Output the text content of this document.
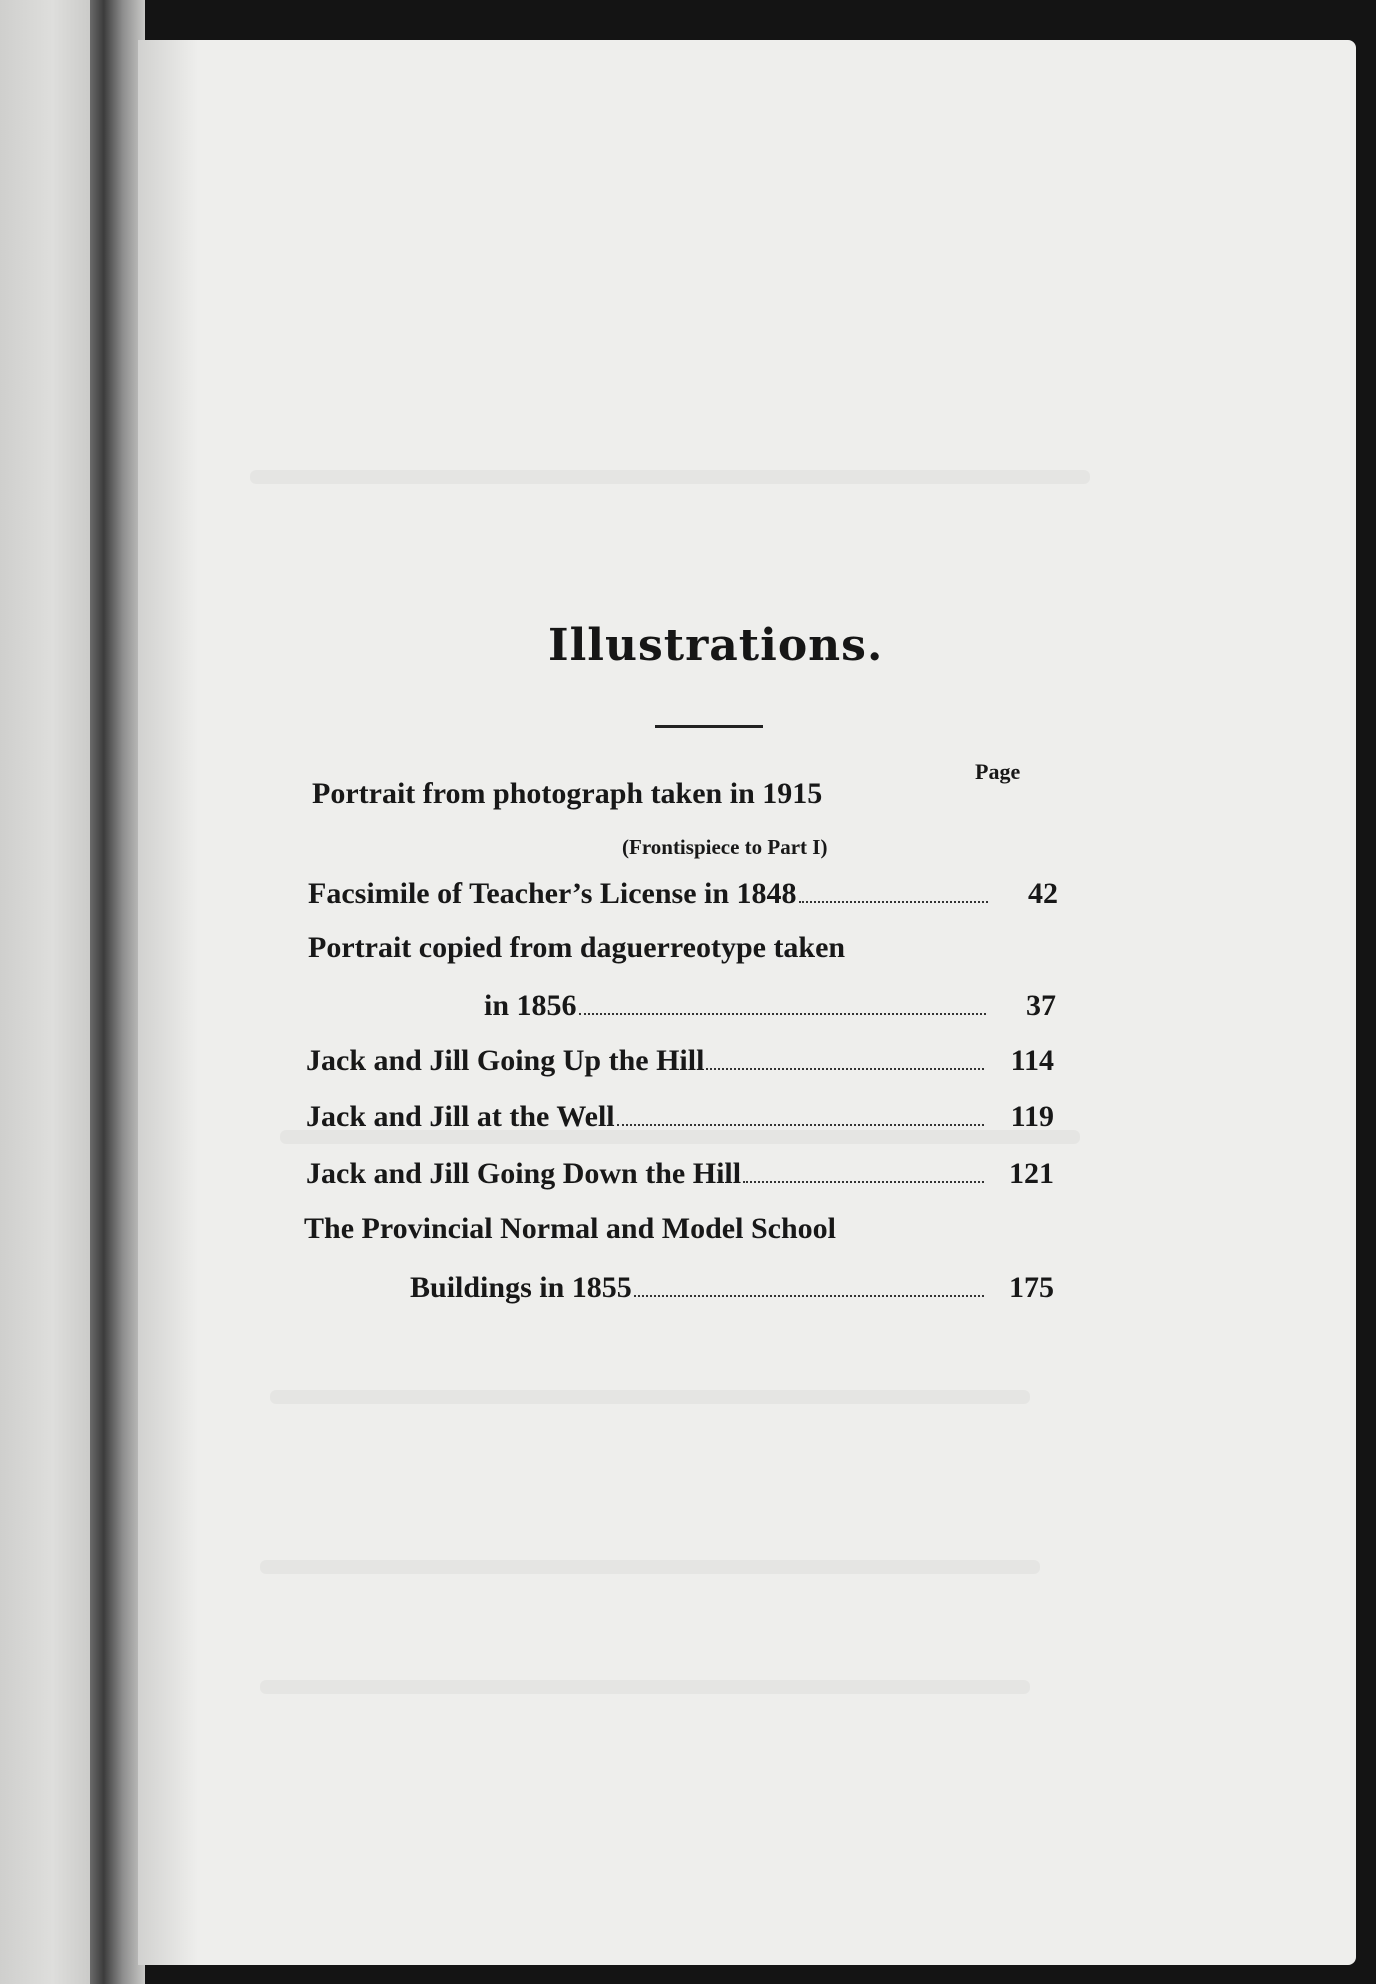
Illustrations.
Page
Portrait from photograph taken in 1915
(Frontispiece to Part I)
Facsimile of Teacher’s License in 1848	42
Portrait copied from daguerreotype taken
in 1856	37
Jack and Jill Going Up the Hill	114
Jack and Jill at the Well	119
Jack and Jill Going Down the Hill	121
The Provincial Normal and Model School
Buildings in 1855	175
